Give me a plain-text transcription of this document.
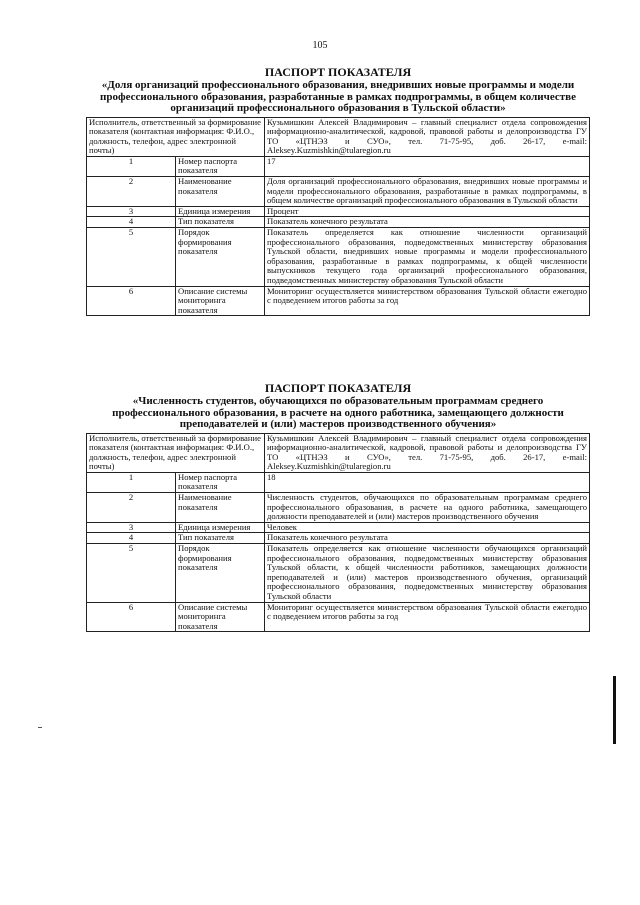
105
ПАСПОРТ ПОКАЗАТЕЛЯ
«Доля организаций профессионального образования, внедривших новые программы и модели профессионального образования, разработанные в рамках подпрограммы, в общем количестве организаций профессионального образования в Тульской области»
Исполнитель, ответственный за формирование показателя (контактная информация: Ф.И.О., должность, телефон, адрес электронной почты)		Кузьмишкин Алексей Владимирович – главный специалист отдела сопровождения информационно-аналитической, кадровой, правовой работы и делопроизводства ГУ ТО «ЦТНЭЗ и СУО», тел. 71-75-95, доб. 26-17, e-mail: Aleksey.Kuzmishkin@tularegion.ru
1	Номер паспорта показателя	17
2	Наименование показателя	Доля организаций профессионального образования, внедривших новые программы и модели профессионального образования, разработанные в рамках подпрограммы, в общем количестве организаций профессионального образования в Тульской области
3	Единица измерения	Процент
4	Тип показателя	Показатель конечного результата
5	Порядок формирования показателя	Показатель определяется как отношение численности организаций профессионального образования, подведомственных министерству образования Тульской области, внедривших новые программы и модели профессионального образования, разработанные в рамках подпрограммы, к общей численности выпускников текущего года организаций профессионального образования, подведомственных министерству образования Тульской области
6	Описание системы мониторинга показателя	Мониторинг осуществляется министерством образования Тульской области ежегодно с подведением итогов работы за год
ПАСПОРТ ПОКАЗАТЕЛЯ
«Численность студентов, обучающихся по образовательным программам среднего профессионального образования, в расчете на одного работника, замещающего должности преподавателей и (или) мастеров производственного обучения»
Исполнитель, ответственный за формирование показателя (контактная информация: Ф.И.О., должность, телефон, адрес электронной почты)		Кузьмишкин Алексей Владимирович – главный специалист отдела сопровождения информационно-аналитической, кадровой, правовой работы и делопроизводства ГУ ТО «ЦТНЭЗ и СУО», тел. 71-75-95, доб. 26-17, e-mail: Aleksey.Kuzmishkin@tularegion.ru
1	Номер паспорта показателя	18
2	Наименование показателя	Численность студентов, обучающихся по образовательным программам среднего профессионального образования, в расчете на одного работника, замещающего должности преподавателей и (или) мастеров производственного обучения
3	Единица измерения	Человек
4	Тип показателя	Показатель конечного результата
5	Порядок формирования показателя	Показатель определяется как отношение численности обучающихся организаций профессионального образования, подведомственных министерству образования Тульской области, к общей численности работников, замещающих должности преподавателей и (или) мастеров производственного обучения, организаций профессионального образования, подведомственных министерству образования Тульской области
6	Описание системы мониторинга показателя	Мониторинг осуществляется министерством образования Тульской области ежегодно с подведением итогов работы за год
